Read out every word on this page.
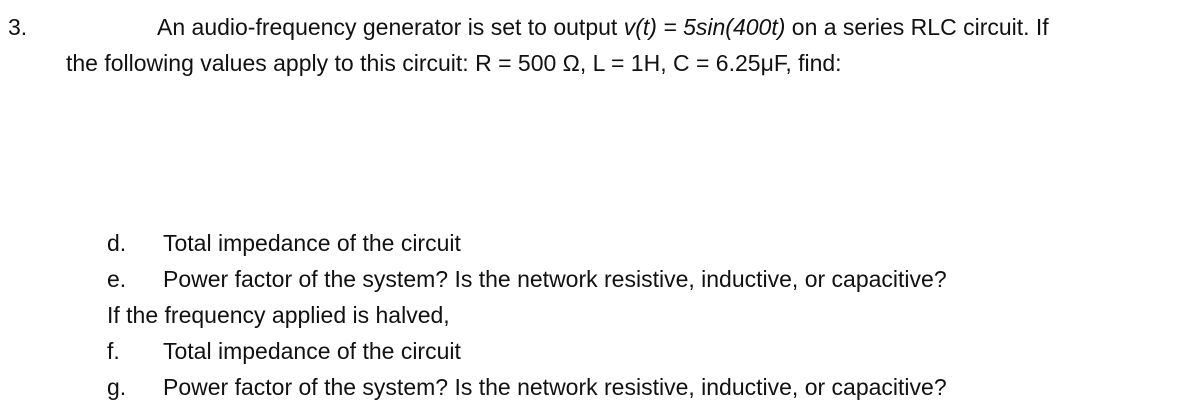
3.	An audio-frequency generator is set to output v(t) = 5sin(400t) on a series RLC circuit. If
the following values apply to this circuit: R = 500 Ω, L = 1H, C = 6.25μF, find:
d. Total impedance of the circuit
e. Power factor of the system? Is the network resistive, inductive, or capacitive?
If the frequency applied is halved,
f. Total impedance of the circuit
g. Power factor of the system? Is the network resistive, inductive, or capacitive?
